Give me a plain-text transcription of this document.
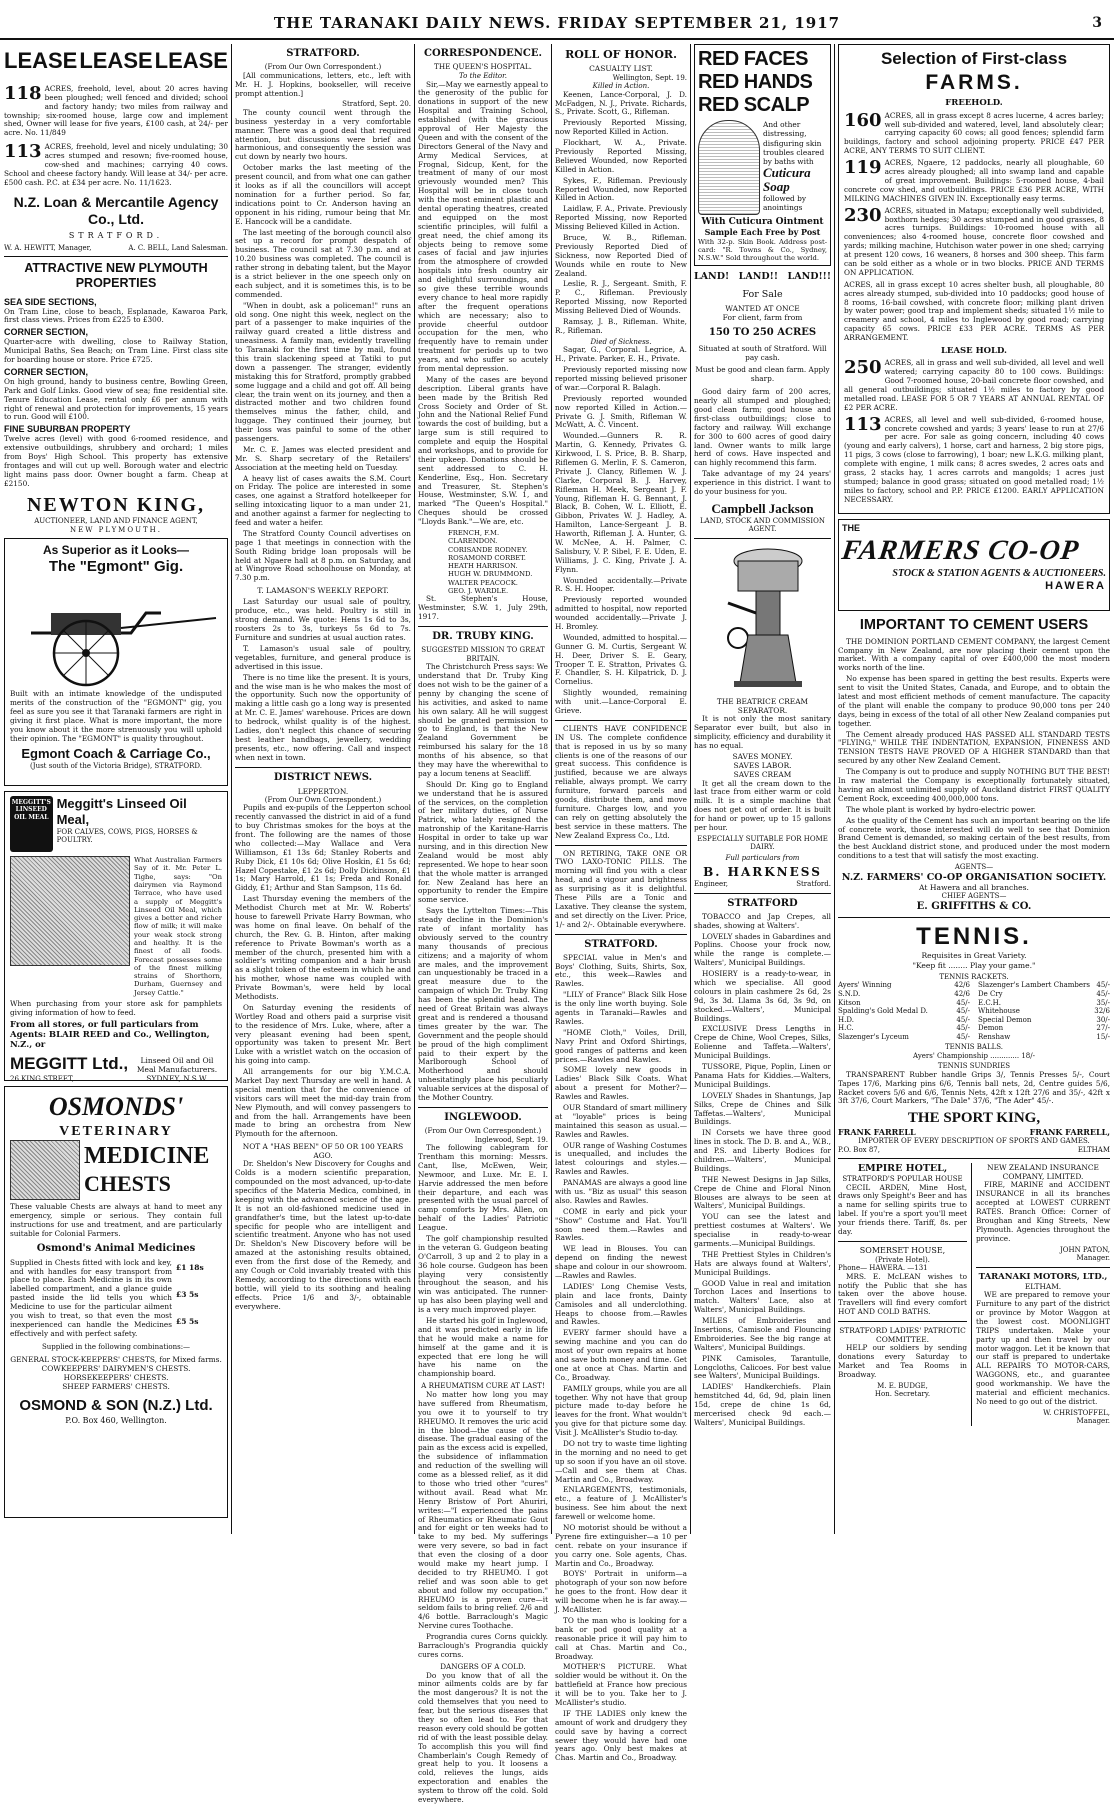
THE TARANAKI DAILY NEWS. FRIDAY SEPTEMBER 21, 1917	3
LEASE LEASE LEASE
118 ACRES, freehold, level, about 20 acres having been ploughed; well fenced and divided; school and factory handy; two miles from railway and township; six-roomed house, large cow and implement shed, Owner will lease for five years, £100 cash, at 24/- per acre. No. 11/849
113 ACRES, freehold, level and nicely undulating; 30 acres stumped and resown; five-roomed house, cow-shed and machines; carrying 40 cows. School and cheese factory handy. Will lease at 34/- per acre. £500 cash. P.C. at £34 per acre. No. 11/1623.
N.Z. Loan & Mercantile Agency Co., Ltd.
STRATFORD.
W. A. HEWITT, Manager,	A. C. BELL, Land Salesman.
ATTRACTIVE NEW PLYMOUTH PROPERTIES
SEA SIDE SECTIONS,
On Tram Line, close to beach, Esplanade, Kawaroa Park, first class views. Prices from £225 to £300.
CORNER SECTION,
Quarter-acre with dwelling, close to Railway Station, Municipal Baths, Sea Beach; on Tram Line. First class site for boarding house or store. Price £725.
CORNER SECTION,
On high ground, handy to business centre, Bowling Green, Park and Golf Links. Good view of sea; fine residential site. Tenure Education Lease, rental only £6 per annum with right of renewal and protection for improvements, 15 years to run. Good will £100.
FINE SUBURBAN PROPERTY
Twelve acres (level) with good 6-roomed residence, and extensive outbuildings, shrubbery and orchard; 1 miles from Boys' High School. This property has extensive frontages and will cut up well. Borough water and electric light mains pass door. Owner bought a farm. Cheap at £2150.
NEWTON KING,
AUCTIONEER, LAND AND FINANCE AGENT,
NEW PLYMOUTH.
As Superior as it Looks—
The "Egmont" Gig.
Built with an intimate knowledge of the undisputed merits of the construction of the "EGMONT" gig, you feel as sure you see it that Taranaki farmers are right in giving it first place. What is more important, the more you know about it the more strenuously you will uphold their opinion. The "EGMONT" is quality throughout.
Egmont Coach & Carriage Co.,
(Just south of the Victoria Bridge), STRATFORD.
MEGGITT'S LINSEED OIL MEAL
Meggitt's Linseed Oil Meal,
FOR CALVES, COWS, PIGS, HORSES & POULTRY.
What Australian Farmers Say of it. Mr. Peter L. Tighe, says: "On dairymen via Raymond Terrace, who have used a supply of Meggitt's Linseed Oil Meal, which gives a better and richer flow of milk; it will make your weak stock strong and healthy. It is the finest of all foods. Forecast possesses some of the finest milking strains of Shorthorn, Durham, Guernsey and Jersey Cattle."
When purchasing from your store ask for pamphlets giving information of how to feed.
From all stores, or full particulars from Agents: BLAIR REED and Co., Wellington, N.Z., or
MEGGITT Ltd.,
26 KING STREET,
Linseed Oil and Oil Meal Manufacturers. SYDNEY, N.S.W.
OSMONDS'
VETERINARY
MEDICINE
CHESTS
These valuable Chests are always at hand to meet any emergency, simple or serious. They contain full instructions for use and treatment, and are particularly suitable for Colonial Farmers.
Osmond's Animal Medicines
Supplied in Chests fitted with lock and key, and with handles for easy transport from place to place. Each Medicine is in its own labelled compartment, and a glance guide pasted inside the lid tells you which Medicine to use for the particular ailment you wish to treat, so that even the most inexperienced can handle the Medicines effectively and with perfect safety.
£1 18s
£3 5s
£5 5s
Supplied in the following combinations:—
GENERAL STOCK-KEEPERS' CHESTS, for Mixed farms.
COWKEEPERS' DAIRYMEN'S CHESTS.
HORSEKEEPERS' CHESTS.
SHEEP FARMERS' CHESTS.
OSMOND & SON (N.Z.) Ltd.
P.O. Box 460, Wellington.
STRATFORD.
(From Our Own Correspondent.)

[All communications, letters, etc., left with Mr. H. J. Hopkins, bookseller, will receive prompt attention.]

Stratford, Sept. 20.

The county council went through the business yesterday in a very comfortable manner. There was a good deal that required attention, but discussions were brief and harmonious, and consequently the session was cut down by nearly two hours.

October marks the last meeting of the present council, and from what one can gather it looks as if all the councillors will accept nomination for a further period. So far, indications point to Cr. Anderson having an opponent in his riding, rumour being that Mr. E. Hancock will be a candidate.

The last meeting of the borough council also set up a record for prompt despatch of business. The council sat at 7.30 p.m. and at 10.20 business was completed. The council is rather strong in debating talent, but the Mayor is a strict believer in the one speech only on each subject, and it is sometimes this, is to be commended.

"When in doubt, ask a policeman!" runs an old song. One night this week, neglect on the part of a passenger to make inquiries of the railway guard created a little distress and uneasiness. A family man, evidently travelling to Taranaki for the first time by mail, found this train slackening speed at Tatiki to put down a passenger. The stranger, evidently mistaking this for Stratford, promptly grabbed some luggage and a child and got off. All being clear, the train went on its journey, and then a distracted mother and two children found themselves minus the father, child, and luggage. They continued their journey, but their loss was painful to some of the other passengers.

Mr. C. E. James was elected president and Mr. S. Sharp secretary of the Retailers' Association at the meeting held on Tuesday.

A heavy list of cases awaits the S.M. Court on Friday. The police are interested in some cases, one against a Stratford hotelkeeper for selling intoxicating liquor to a man under 21, and another against a farmer for neglecting to feed and water a heifer.

The Stratford County Council advertises on page 1 that meetings in connection with the South Riding bridge loan proposals will be held at Ngaere hall at 8 p.m. on Saturday, and at Wingrove Road schoolhouse on Monday, at 7.30 p.m.

T. LAMASON'S WEEKLY REPORT.

Last Saturday our usual sale of poultry, produce, etc., was held. Poultry is still in strong demand. We quote: Hens 1s 6d to 3s, roosters 2s to 3s, turkeys 5s 6d to 7s. Furniture and sundries at usual auction rates.

T. Lamason's usual sale of poultry, vegetables, furniture, and general produce is advertised in this issue.

There is no time like the present. It is yours, and the wise man is he who makes the most of the opportunity. Such now the opportunity of making a little cash go a long way is presented at Mr. C. E. James' warehouse. Prices are down to bedrock, whilst quality is of the highest. Ladies, don't neglect this chance of securing best leather handbags, jewellery, wedding presents, etc., now offering. Call and inspect when next in town.

DISTRICT NEWS.
LEPPERTON.
(From Our Own Correspondent.)

Pupils and ex-pupils of the Lepperton school recently canvassed the district in aid of a fund to buy Christmas smokes for the boys at the front. The following are the names of those who collected:—May Wallace and Vera Williamson, £1 13s 6d; Stanley Roberts and Ruby Dick, £1 10s 6d; Olive Hoskin, £1 5s 6d; Hazel Copestake, £1 2s 6d; Dolly Dickinson, £1 1s; Mary Harrold, £1 1s; Freda and Ronald Giddy, £1; Arthur and Stan Sampson, 11s 6d.

Last Thursday evening the members of the Methodist Church met at Mr. W. Roberts' house to farewell Private Harry Bowman, who was home on final leave. On behalf of the church, the Rev. G. B. Hinton, after making reference to Private Bowman's worth as a member of the church, presented him with a soldier's writing companion and a hair brush as a slight token of the esteem in which he and his mother, whose name was coupled with Private Bowman's, were held by local Methodists.

On Saturday evening the residents of Wortley Road and others paid a surprise visit to the residence of Mrs. Luke, where, after a very pleasant evening had been spent, opportunity was taken to present Mr. Bert Luke with a wristlet watch on the occasion of his going into camp.

All arrangements for our big Y.M.C.A. Market Day next Thursday are well in hand. A special mention that for the convenience of visitors cars will meet the mid-day train from New Plymouth, and will convey passengers to and from the hall. Arrangements have been made to bring an orchestra from New Plymouth for the afternoon.

NOT A "HAS BEEN" OF 50 OR 100 YEARS AGO.

Dr. Sheldon's New Discovery for Coughs and Colds is a modern scientific preparation, compounded on the most advanced, up-to-date specifics of the Materia Medica, combined, in keeping with the advanced science of the age. It is not an old-fashioned medicine used in grandfather's time, but the latest up-to-date specific for people who are intelligent and scientific treatment. Anyone who has not used Dr. Sheldon's New Discovery before will be amazed at the astonishing results obtained, even from the first dose of the Remedy, and any Cough or Cold invariably treated with this Remedy, according to the directions with each bottle, will yield to its soothing and healing effects. Price 1/6 and 3/-, obtainable everywhere.

CORRESPONDENCE.
THE QUEEN'S HOSPITAL.
To the Editor.

Sir,—May we earnestly appeal to the generosity of the public for donations in support of the new Hospital and Training School, established (with the gracious approval of Her Majesty the Queen and with the consent of the Directors General of the Navy and Army Medical Services, at Frognal, Sidcup, Kent, for the treatment of many of our most grievously wounded men? This Hospital will be in close touch with the most eminent plastic and dental operating theatres, created and equipped on the most scientific principles, will fulfil a great need, the chief among its objects being to remove some cases of facial and jaw injuries from the atmosphere of crowded hospitals into fresh country air and delightful surroundings, and so give these terrible wounds every chance to heal more rapidly after the frequent operations which are necessary; also to provide cheerful outdoor occupation for the men, who frequently have to remain under treatment for periods up to two years, and who suffer so acutely from mental depression.

Many of the cases are beyond description. Liberal grants have been made by the British Red Cross Society and Order of St. John and the National Relief Fund towards the cost of building, but a large sum is still required to complete and equip the Hospital and workshops, and to provide for their upkeep. Donations should be sent addressed to C. H. Kenderline, Esq., Hon. Secretary and Treasurer, St. Stephen's House, Westminster, S.W. 1, and marked "The Queen's Hospital." Cheques should be crossed "Lloyds Bank."—We are, etc.

FRENCH, F.M.
CLARENDON.
CORISANDE RODNEY.
ROSAMOND CORBET.
HEATH HARRISON.
HUGH W. DRUMMOND.
WALTER PEACOCK.
GEO. J. WARDLE.

St. Stephen's House, Westminster, S.W. 1, July 29th, 1917.

DR. TRUBY KING.
SUGGESTED MISSION TO GREAT BRITAIN.

The Christchurch Press says: We understand that Dr. Truby King does not wish to be the gainer of a penny by changing the scene of his activities, and asked to name his own salary. All he will suggest should be granted permission to go to England, is that the New Zealand Government be reimbursed his salary for the 18 months of his absence, so that they may have the wherewithal to pay a locum tenens at Seacliff.

Should Dr. King go to England we understand that he is assured of the services, on the completion of her military duties, of Nurse Patrick, who lately resigned the matronship of the Karitane-Harris Hospital in order to take up war nursing, and in this direction New Zealand would be most ably represented. We hope to hear soon that the whole matter is arranged for. New Zealand has here an opportunity to render the Empire some service.

Says the Lyttelton Times:—This steady decline in the Dominion's rate of infant mortality has obviously served to the country many thousands of precious citizens; and a majority of whom are males, and the improvement can unquestionably be traced in a great measure due to the campaign of which Dr. Truby King has been the splendid head. The need of Great Britain was always great and is rendered a thousand times greater by the war. The Government and the people should be proud of the high compliment paid to their expert by the Marlborough School of Motherhood and should unhesitatingly place his peculiarly valuable services at the disposal of the Mother Country.

INGLEWOOD.
(From Our Own Correspondent.)
Inglewood, Sept. 19.

The following cablegram for Trentham this morning: Messrs. Cant, Ilse, McEwen, Weir, Newmoor, and Luxe. Mr. E. I. Harvie addressed the men before their departure, and each was presented with the usual parcel of camp comforts by Mrs. Allen, on behalf of the Ladies' Patriotic League.

The golf championship resulted in the veteran G. Gudgeon beating O'Carroll, 3 up and 2 to play in a 36 hole course. Gudgeon has been playing very consistently throughout the season, and his win was anticipated. The runner-up has also been playing well and is a very much improved player.

He started his golf in Inglewood, and it was predicted early in life that he would make a name for himself at the game and it is expected that ere long he will have his name on the championship board.

A RHEUMATISM CURE AT LAST!

No matter how long you may have suffered from Rheumatism, you owe it to yourself to try RHEUMO. It removes the uric acid in the blood—the cause of the disease. The gradual easing of the pain as the excess acid is expelled, the subsidence of inflammation and reduction of the swelling will come as a blessed relief, as it did to those who tried other "cures" without avail. Read what Mr. Henry Bristow of Port Ahuriri, writes:—"I experienced the pains of Rheumatics or Rheumatic Gout and for eight or ten weeks had to take to my bed. My sufferings were very severe, so bad in fact that even the closing of a door would make my heart jump. I decided to try RHEUMO. I got relief and was soon able to get about and follow my occupation." RHEUMO is a proven cure—it seldom fails to bring relief. 2/6 and 4/6 bottle. Barraclough's Magic Nervine cures Toothache.

Prograndia cures Corns quickly. Barraclough's Prograndia quickly cures corns.

DANGERS OF A COLD.

Do you know that of all the minor ailments colds are by far the most dangerous? It is not the cold themselves that you need to fear, but the serious diseases that they so often lead to. For that reason every cold should be gotten rid of with the least possible delay. To accomplish this you will find Chamberlain's Cough Remedy of great help to you. It loosens a cold, relieves the lungs, aids expectoration and enables the system to throw off the cold. Sold everywhere.

ROLL OF HONOR.
CASUALTY LIST.
Wellington, Sept. 19.
Killed in Action.

Keenen, Lance-Corporal, J. D. McFadgen, N. J., Private. Richards, S., Private. Scott, G., Rifleman.

Previously Reported Missing, now Reported Killed in Action.

Flockhart, W. A., Private. Previously Reported Missing, Believed Wounded, now Reported Killed in Action.

Sykes, F., Rifleman. Previously Reported Wounded, now Reported Killed in Action.

Laidlaw, F. A., Private. Previously Reported Missing, now Reported Missing Believed Killed in Action.

Bruce, W. B., Rifleman. Previously Reported Died of Sickness, now Reported Died of Wounds while en route to New Zealand.

Leslie, R. J., Sergeant. Smith, F. P. C., Rifleman. Previously Reported Missing, now Reported Missing Believed Died of Wounds.

Ramsay, J. B., Rifleman. White, R., Rifleman.

Died of Sickness.

Sagar, G., Corporal. Legrice, A. H., Private. Parker, E. H., Private.

Previously reported missing now reported missing believed prisoner of war.—Corporal R. Balagh.

Previously reported wounded now reported Killed in Action.—Private G. J. Smith, Rifleman W. McWatt, A. C. Vincent.

Wounded.—Gunners R. R. Martin, G. Kennedy, Privates G. Kirkwood, I. S. Price, B. B. Sharp, Riflemen G. Merlin, F. S. Cameron, Private J. Clancy, Riflemen W. J. Clarke, Corporal B. J. Harvey, Rifleman H. Meek, Sergeant J. F. Young, Rifleman H. G. Bennant, J. Black, B. Cohen, W. L. Elliott, E. Gibbon, Privates W. J. Hadley, A. Hamilton, Lance-Sergeant J. B. Haworth, Rifleman J. A. Hunter, G. W. McNee, A. H. Palmer, C. Salisbury, V. P. Sibel, F. E. Uden, E. Williams, J. C. King, Private J. A. Flynn.

Wounded accidentally.—Private R. S. H. Hooper.

Previously reported wounded admitted to hospital, now reported wounded accidentally.—Private J. H. Bromley.

Wounded, admitted to hospital.—Gunner G. M. Curtis, Sergeant W. H. Deer, Driver S. E. Geary, Trooper T. E. Stratton, Privates G. F. Chandler, S. H. Kilpatrick, D. J. Cornelius.

Slightly wounded, remaining with unit.—Lance-Corporal E. Grieve.

CLIENTS HAVE CONFIDENCE IN US. The complete confidence that is reposed in us by so many clients is one of the reasons of our great success. This confidence is justified, because we are always reliable, always prompt. We carry furniture, forward parcels and goods, distribute them, and move furniture. Charges low, and you can rely on getting absolutely the best service in these matters. The New Zealand Express Co., Ltd.

ON RETIRING, TAKE ONE OR TWO LAXO-TONIC PILLS. The morning will find you with a clear head, and a vigour and brightness as surprising as it is delightful. These Pills are a Tonic and Laxative. They cleanse the system, and set directly on the Liver. Price, 1/- and 2/-. Obtainable everywhere.

STRATFORD.

SPECIAL value in Men's and Boys' Clothing, Suits, Shirts, Sox, etc., this week—Rawles and Rawles.

"LILY of France" Black Silk Hose is the only line worth buying. Sole agents in Taranaki—Rawles and Rawles.

"HOME Cloth," Voiles, Drill, Navy Print and Oxford Shirtings, good ranges of patterns and keen prices.—Rawles and Rawles.

SOME lovely new goods in Ladies' Black Silk Coats. What about a present for Mother?—Rawles and Rawles.

OUR Standard of smart millinery at "loyable" prices is being maintained this season as usual.—Rawles and Rawles.

OUR range of Washing Costumes is unequalled, and includes the latest colourings and styles.—Rawles and Rawles.

PANAMAS are always a good line with us. "Biz as usual" this season also. Rawles and Rawles.

COME in early and pick your "Show" Costume and Hat. You'll soon need them.—Rawles and Rawles.

WE lead in Blouses. You can depend on finding the newest shape and colour in our showroom.—Rawles and Rawles.

LADIES' Long Chemise Vests, plain and lace fronts, Dainty Camisoles and all underclothing. Heaps to choose from.—Rawles and Rawles.

EVERY farmer should have a sewing machine and you can do most of your own repairs at home and save both money and time. Get one at once at Chas. Martin and Co., Broadway.

FAMILY groups, while you are all together. Why not have that group picture made to-day before he leaves for the front. What wouldn't you give for that picture some day. Visit J. McAllister's Studio to-day.

DO not try to waste time lighting in the morning and no need to get up so soon if you have an oil stove.—Call and see them at Chas. Martin and Co., Broadway.

ENLARGEMENTS, testimonials, etc., a feature of J. McAllister's business. See him about the next farewell or welcome home.

NO motorist should be without a Pyrene fire extinguisher—a 10 per cent. rebate on your insurance if you carry one. Sole agents, Chas. Martin and Co., Broadway.

BOYS' Portrait in uniform—a photograph of your son now before he goes to the front. How dear it will become when he is far away.—J. McAllister.

TO the man who is looking for a bank or pod good quality at a reasonable price it will pay him to call at Chas. Martin and Co., Broadway.

MOTHER'S PICTURE. What soldier would be without it. On the battlefield at France how precious it will be to you. Take her to J. McAllister's studio.

IF THE LADIES only knew the amount of work and drudgery they could save by having a correct sewer they would have had one years ago. Only best makes at Chas. Martin and Co., Broadway.

RED FACES
RED HANDS
RED SCALP
And other distressing, disfiguring skin troubles cleared by baths with
Cuticura Soap
followed by anointings
With Cuticura Ointment
Sample Each Free by Post
With 32-p. Skin Book. Address post-card: "R. Towns & Co., Sydney, N.S.W." Sold throughout the world.
LAND! LAND!! LAND!!!
For Sale
WANTED AT ONCE
For client, farm from
150 TO 250 ACRES
Situated at south of Stratford. Will pay cash.
Must be good and clean farm. Apply sharp.

Good dairy farm of 200 acres, nearly all stumped and ploughed; good clean farm; good house and first-class outbuildings; close to factory and railway. Will exchange for 300 to 600 acres of good dairy land. Owner wants to milk large herd of cows. Have inspected and can highly recommend this farm.

Take advantage of my 24 years' experience in this district. I want to do your business for you.

Campbell Jackson
LAND, STOCK AND COMMISSION AGENT.
THE BEATRICE CREAM SEPARATOR.

It is not only the most sanitary Separator ever built, but also in simplicity, efficiency and durability it has no equal.

SAVES MONEY.
SAVES LABOR.
SAVES CREAM

It get all the cream down to the last trace from either warm or cold milk. It is a simple machine that does not get out of order. It is built for hand or power, up to 15 gallons per hour.

ESPECIALLY SUITABLE FOR HOME DAIRY.
Full particulars from
B. HARKNESS
Engineer,	Stratford.
STRATFORD

TOBACCO and Jap Crepes, all shades, showing at Walters'.

LOVELY shades in Gabardines and Poplins. Choose your frock now, while the range is complete.—Walters', Municipal Buildings.

HOSIERY is a ready-to-wear, in which we specialise. All good colours in plain cashmere 2s 6d, 2s 9d, 3s 3d. Llama 3s 6d, 3s 9d, on stocked.—Walters', Municipal Buildings.

EXCLUSIVE Dress Lengths in Crepe de Chine, Wool Crepes, Silks, Eolienne and Taffeta.—Walters', Municipal Buildings.

TUSSORE, Pique, Poplin, Linen or Panama Hats for Kiddies.—Walters, Municipal Buildings.

LOVELY Shades in Shantungs, Jap Silks, Crepe de Chines and Silk Taffetas.—Walters', Municipal Buildings.

IN Corsets we have three good lines in stock. The D. B. and A., W.B., and P.S. and Liberty Bodices for children.—Walters', Municipal Buildings.

THE Newest Designs in Jap Silks, Crepe de Chine and Floral Ninon Blouses are always to be seen at Walters', Municipal Buildings.

YOU can see the latest and prettiest costumes at Walters'. We specialise in ready-to-wear garments.—Municipal Buildings.

THE Prettiest Styles in Children's Hats are always found at Walters', Municipal Buildings.

GOOD Value in real and imitation Torchon Laces and Insertions to match. Walters' Lace, also at Walters', Municipal Buildings.

MILES of Embroideries and Insertions, Camisole and Flouncing Embroideries. See the big range at Walters', Municipal Buildings.

PINK Camisoles, Tarantulle, Longcloths, Calicoes. For best value see Walters', Municipal Buildings.

LADIES' Handkerchiefs. Plain hemstitched 4d, 6d, 9d, plain linen 15d, crepe de chine 1s 6d, mercerised check 9d each.—Walters', Municipal Buildings.

Selection of First-class
FARMS.
FREEHOLD.
160 ACRES, all in grass except 8 acres lucerne, 4 acres barley; well sub-divided and watered, level, land absolutely clear; carrying capacity 60 cows; all good fences; splendid farm buildings, factory and school adjoining property. PRICE £47 PER ACRE, ANY TERMS TO SUIT CLIENT.
119 ACRES, Ngaere, 12 paddocks, nearly all ploughable, 60 acres already ploughed; all into swamp land and capable of great improvement. Buildings: 5-roomed house, 4-bail concrete cow shed, and outbuildings. PRICE £36 PER ACRE, WITH MILKING MACHINES GIVEN IN. Exceptionally easy terms.
230 ACRES, situated in Matapu; exceptionally well subdivided, boxthorn hedges; 30 acres stumped and in good grasses, 8 acres turnips. Buildings: 10-roomed house with all conveniences; also 4-roomed house, concrete floor cowshed and yards; milking machine, Hutchison water power in one shed; carrying at present 120 cows, 16 weaners, 8 horses and 300 sheep. This farm can be sold either as a whole or in two blocks. PRICE AND TERMS ON APPLICATION.
ACRES, all in grass except 10 acres shelter bush, all ploughable, 80 acres already stumped, sub-divided into 10 paddocks; good house of 8 rooms, 16-bail cowshed, with concrete floor; milking plant driven by water power; good trap and implement sheds; situated 1½ mile to creamery and school, 4 miles to Inglewood by good road; carrying capacity 65 cows. PRICE £33 PER ACRE. TERMS AS PER ARRANGEMENT.
LEASE HOLD.
250 ACRES, all in grass and well sub-divided, all level and well watered; carrying capacity 80 to 100 cows. Buildings: Good 7-roomed house, 20-bail concrete floor cowshed, and all general outbuildings; situated 1½ miles to factory by good metalled road. LEASE FOR 5 OR 7 YEARS AT ANNUAL RENTAL OF £2 PER ACRE.
113 ACRES, all level and well sub-divided, 6-roomed house, concrete cowshed and yards; 3 years' lease to run at 27/6 per acre. For sale as going concern, including 40 cows (young and early calvers), 1 horse, cart and harness, 2 big store pigs, 11 pigs, 3 cows (close to farrowing), 1 boar; new L.K.G. milking plant, complete with engine, 1 milk cans; 8 acres swedes, 2 acres oats and grass, 2 stacks hay, 1 acres carrots and mangolds; 1 acres just stumped; balance in good grass; situated on good metalled road; 1½ miles to factory, school and P.P. PRICE £1200. EARLY APPLICATION NECESSARY.
THE
FARMERS CO-OP
STOCK & STATION AGENTS & AUCTIONEERS.
HAWERA
IMPORTANT TO CEMENT USERS

THE DOMINION PORTLAND CEMENT COMPANY, the largest Cement Company in New Zealand, are now placing their cement upon the market. With a company capital of over £400,000 the most modern works north of the line.

No expense has been spared in getting the best results. Experts were sent to visit the United States, Canada, and Europe, and to obtain the latest and most efficient methods of cement manufacture. The capacity of the plant will enable the company to produce 90,000 tons per 240 days, being in excess of the total of all other New Zealand companies put together.

The Cement already produced HAS PASSED ALL STANDARD TESTS "FLYING," WHILE THE INDENTATION, EXPANSION, FINENESS AND TENSION TESTS HAVE PROVED OF A HIGHER STANDARD than that secured by any other New Zealand Cement.

The Company is out to produce and supply NOTHING BUT THE BEST! In raw material the Company is exceptionally fortunately situated, having an almost unlimited supply of Auckland district FIRST QUALITY Cement Rock, exceeding 400,000,000 tons.

The whole plant is worked by hydro-electric power.

As the quality of the Cement has such an important bearing on the life of concrete work, those interested will do well to see that Dominion Brand Cement is demanded, so making certain of the best results, from the best Auckland district stone, and produced under the most modern conditions to a test that will satisfy the most exacting.

AGENTS—
N.Z. FARMERS' CO-OP ORGANISATION SOCIETY.
At Hawera and all branches.
CHIEF AGENTS—
E. GRIFFITHS & CO.
TENNIS.
Requisites in Great Variety.
"Keep fit ........ Play your game."
TENNIS RACKETS.
Ayers' Winning	42/6
S.N.D.	42/6
Kitson	45/-
Spalding's Gold Medal D.	45/-
H.D.	45/-
H.C.	45/-
Slazenger's Lyceum	45/-
Slazenger's Lambert Chambers 45/-
De Cry	45/-
E.C.H.	35/-
Whitehouse	32/6
Special Demon	30/-
Demon	27/-
Renshaw	15/-
TENNIS BALLS.
Ayers' Championship ............. 18/-
TENNIS SUNDRIES

TRANSPARENT Rubber handle Grips 3/, Tennis Presses 5/-, Court Tapes 17/6, Marking pins 6/6, Tennis ball nets, 2d, Centre guides 5/6, Racket covers 5/6 and 6/6, Tennis Nets, 42ft x 12ft 27/6 and 35/-, 42ft x 3ft 37/6, Court Markers, "The Dale" 37/6, "The Ader" 45/-.

THE SPORT KING,
FRANK FARRELL	FRANK FARRELL,
IMPORTER OF EVERY DESCRIPTION OF SPORTS AND GAMES.
P.O. Box 87,	ELTHAM
EMPIRE HOTEL,
STRATFORD'S POPULAR HOUSE

CECIL ARDEN, Mine Host, draws only Speight's Beer and has a name for selling spirits true to label. If you're a sport you'll meet your friends there. Tariff, 8s. per day.

SOMERSET HOUSE,
(Private Hotel).
Phone— HAWERA. —131

MRS. E. McLEAN wishes to notify the Public that she has taken over the above house. Travellers will find every comfort HOT AND COLD BATHS.

STRATFORD LADIES' PATRIOTIC COMMITTEE.

HELP our soldiers by sending donations every Saturday to Market and Tea Rooms in Broadway.

M. E. BUDGE,
Hon. Secretary.
NEW ZEALAND INSURANCE COMPANY, LIMITED.

FIRE, MARINE and ACCIDENT INSURANCE in all its branches accepted at LOWEST CURRENT RATES. Branch Office: Corner of Broughan and King Streets, New Plymouth. Agencies throughout the province.

JOHN PATON,
Manager.
TARANAKI MOTORS, LTD.,
ELTHAM.

WE are prepared to remove your Furniture to any part of the district or province by Motor Waggon at the lowest cost. MOONLIGHT TRIPS undertaken. Make your party up and then travel by our motor waggon. Let it be known that our staff is prepared to undertake ALL REPAIRS TO MOTOR-CARS, WAGGONS, etc., and guarantee good workmanship. We have the material and efficient mechanics. No need to go out of the district.

W. CHRISTOFFEL,
Manager.
